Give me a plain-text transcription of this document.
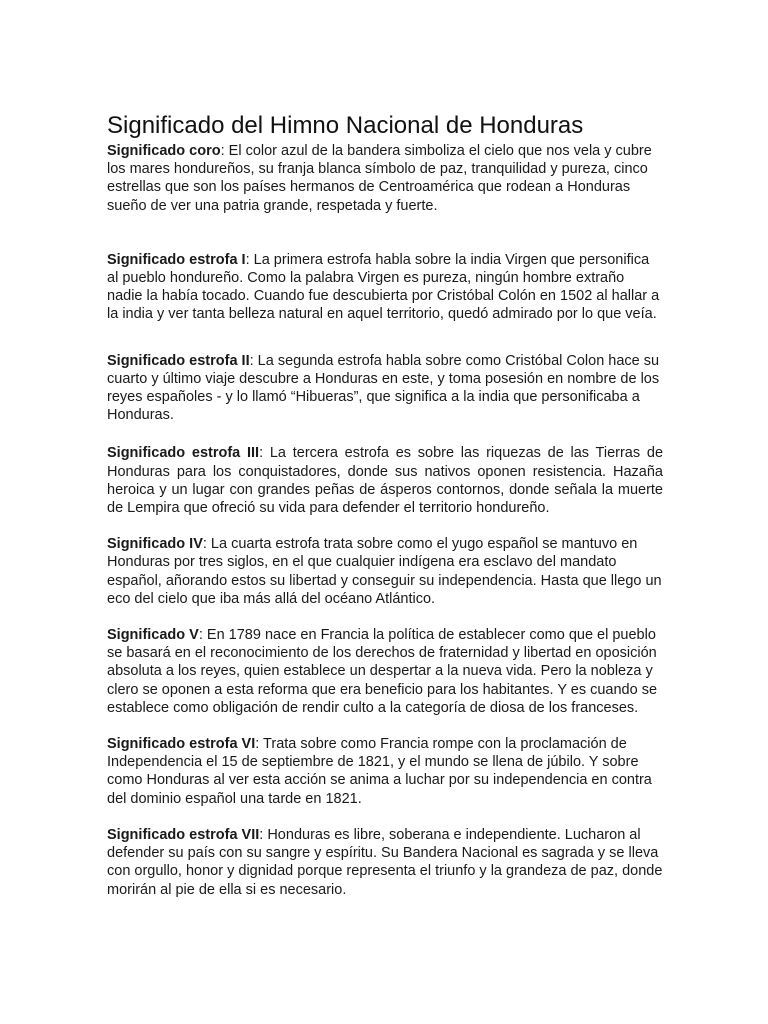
Significado del Himno Nacional de Honduras

Significado coro: El color azul de la bandera simboliza el cielo que nos vela y cubre los mares hondureños, su franja blanca símbolo de paz, tranquilidad y pureza, cinco estrellas que son los países hermanos de Centroamérica que rodean a Honduras sueño de ver una patria grande, respetada y fuerte.

Significado estrofa I: La primera estrofa habla sobre la india Virgen que personifica al pueblo hondureño. Como la palabra Virgen es pureza, ningún hombre extraño nadie la había tocado. Cuando fue descubierta por Cristóbal Colón en 1502 al hallar a la india y ver tanta belleza natural en aquel territorio, quedó admirado por lo que veía.

Significado estrofa II: La segunda estrofa habla sobre como Cristóbal Colon hace su cuarto y último viaje descubre a Honduras en este, y toma posesión en nombre de los reyes españoles - y lo llamó “Hibueras”, que significa a la india que personificaba a Honduras.

Significado estrofa III: La tercera estrofa es sobre las riquezas de las Tierras de Honduras para los conquistadores, donde sus nativos oponen resistencia. Hazaña heroica y un lugar con grandes peñas de ásperos contornos, donde señala la muerte de Lempira que ofreció su vida para defender el territorio hondureño.

Significado IV: La cuarta estrofa trata sobre como el yugo español se mantuvo en Honduras por tres siglos, en el que cualquier indígena era esclavo del mandato español, añorando estos su libertad y conseguir su independencia. Hasta que llego un eco del cielo que iba más allá del océano Atlántico.

Significado V: En 1789 nace en Francia la política de establecer como que el pueblo se basará en el reconocimiento de los derechos de fraternidad y libertad en oposición absoluta a los reyes, quien establece un despertar a la nueva vida. Pero la nobleza y clero se oponen a esta reforma que era beneficio para los habitantes. Y es cuando se establece como obligación de rendir culto a la categoría de diosa de los franceses.

Significado estrofa VI: Trata sobre como Francia rompe con la proclamación de Independencia el 15 de septiembre de 1821, y el mundo se llena de júbilo. Y sobre como Honduras al ver esta acción se anima a luchar por su independencia en contra del dominio español una tarde en 1821.

Significado estrofa VII: Honduras es libre, soberana e independiente. Lucharon al defender su país con su sangre y espíritu. Su Bandera Nacional es sagrada y se lleva con orgullo, honor y dignidad porque representa el triunfo y la grandeza de paz, donde morirán al pie de ella si es necesario.
